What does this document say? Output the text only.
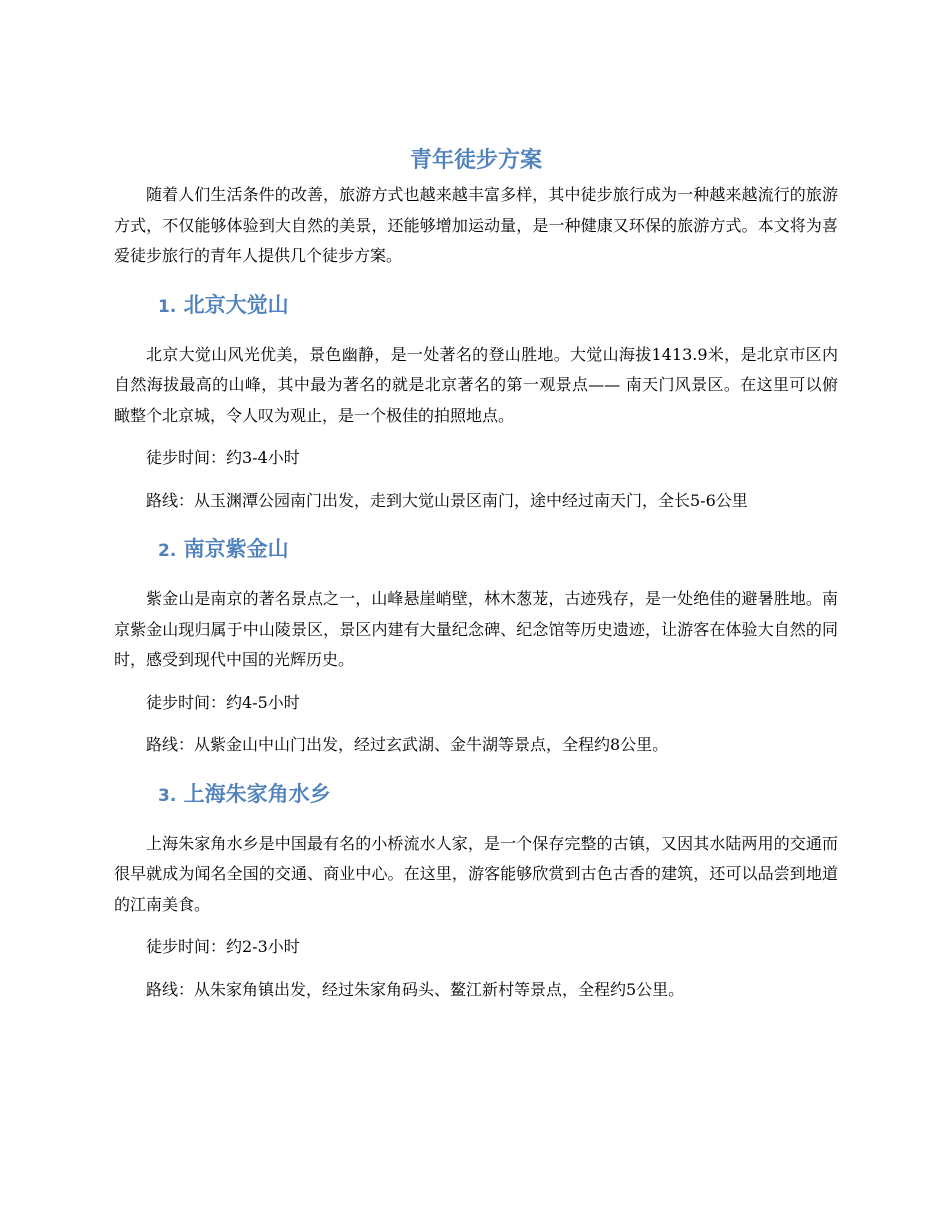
青年徒步方案

随着人们生活条件的改善，旅游方式也越来越丰富多样，其中徒步旅行成为一种越来越流行的旅游方式，不仅能够体验到大自然的美景，还能够增加运动量，是一种健康又环保的旅游方式。本文将为喜爱徒步旅行的青年人提供几个徒步方案。

1. 北京大觉山

北京大觉山风光优美，景色幽静，是一处著名的登山胜地。大觉山海拔1413.9米，是北京市区内自然海拔最高的山峰，其中最为著名的就是北京著名的第一观景点—— 南天门风景区。在这里可以俯瞰整个北京城，令人叹为观止，是一个极佳的拍照地点。

徒步时间：约3-4小时

路线：从玉渊潭公园南门出发，走到大觉山景区南门，途中经过南天门，全长5-6公里

2. 南京紫金山

紫金山是南京的著名景点之一，山峰悬崖峭壁，林木葱茏，古迹残存，是一处绝佳的避暑胜地。南京紫金山现归属于中山陵景区，景区内建有大量纪念碑、纪念馆等历史遗迹，让游客在体验大自然的同时，感受到现代中国的光辉历史。

徒步时间：约4-5小时

路线：从紫金山中山门出发，经过玄武湖、金牛湖等景点，全程约8公里。

3. 上海朱家角水乡

上海朱家角水乡是中国最有名的小桥流水人家，是一个保存完整的古镇，又因其水陆两用的交通而很早就成为闻名全国的交通、商业中心。在这里，游客能够欣赏到古色古香的建筑，还可以品尝到地道的江南美食。

徒步时间：约2-3小时

路线：从朱家角镇出发，经过朱家角码头、鳌江新村等景点，全程约5公里。
